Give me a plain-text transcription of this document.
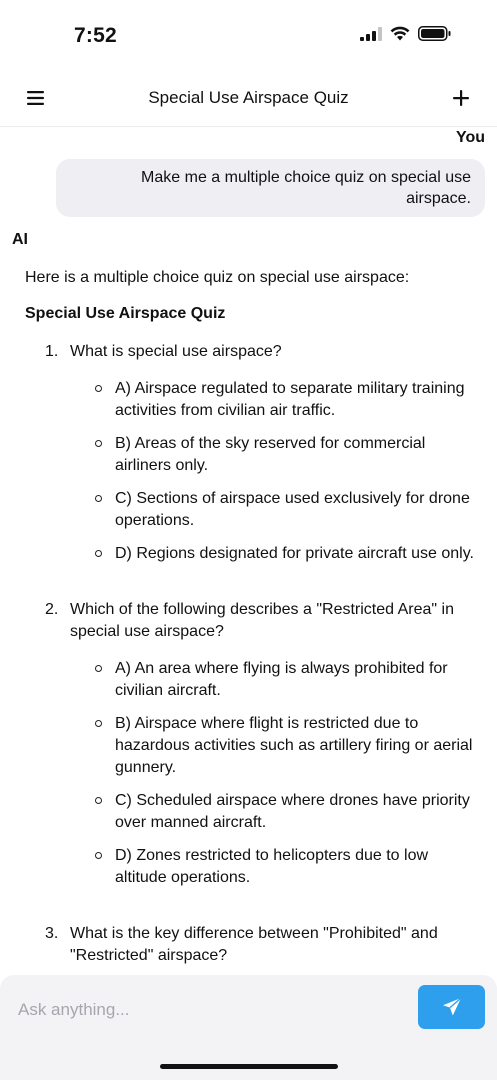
7:52
Special Use Airspace Quiz
You
Make me a multiple choice quiz on special use airspace.
AI

Here is a multiple choice quiz on special use airspace:

Special Use Airspace Quiz

1. What is special use airspace?

A) Airspace regulated to separate military training activities from civilian air traffic.
B) Areas of the sky reserved for commercial airliners only.
C) Sections of airspace used exclusively for drone operations.
D) Regions designated for private aircraft use only.
2. Which of the following describes a "Restricted Area" in special use airspace?

A) An area where flying is always prohibited for civilian aircraft.
B) Airspace where flight is restricted due to hazardous activities such as artillery firing or aerial gunnery.
C) Scheduled airspace where drones have priority over manned aircraft.
D) Zones restricted to helicopters due to low altitude operations.
3. What is the key difference between "Prohibited" and "Restricted" airspace?

Ask anything...
